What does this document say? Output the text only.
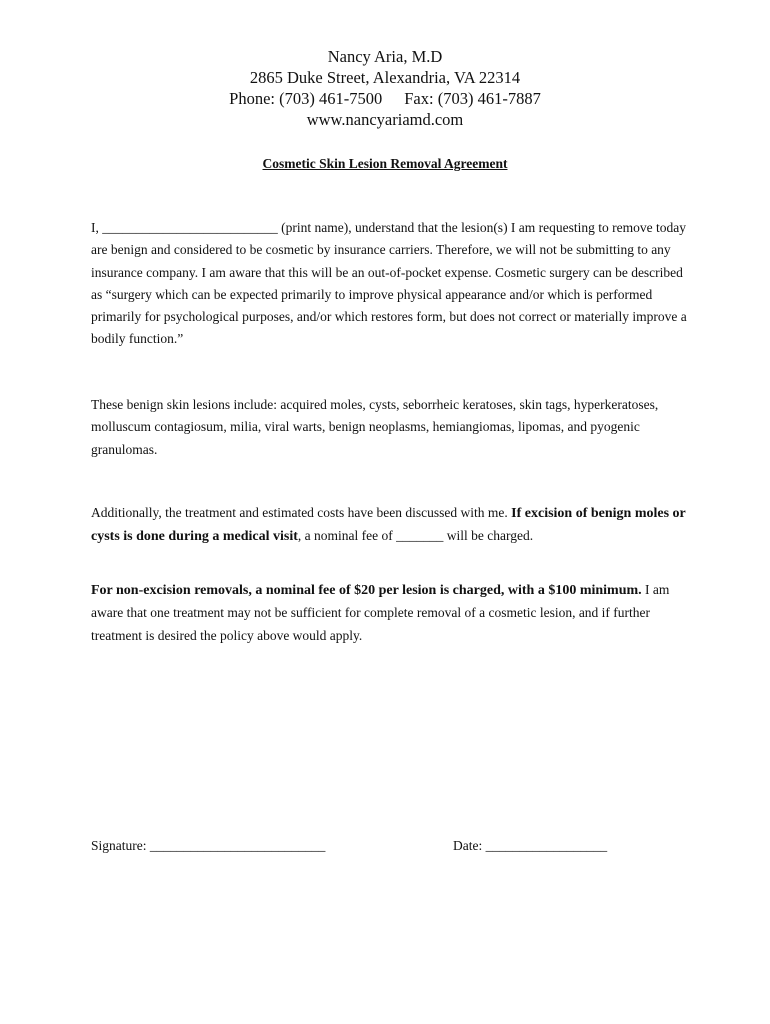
Nancy Aria, M.D
2865 Duke Street, Alexandria, VA 22314
Phone: (703) 461-7500 Fax: (703) 461-7887
www.nancyariamd.com
Cosmetic Skin Lesion Removal Agreement
I, __________________________ (print name), understand that the lesion(s) I am requesting to remove today are benign and considered to be cosmetic by insurance carriers. Therefore, we will not be submitting to any insurance company. I am aware that this will be an out-of-pocket expense. Cosmetic surgery can be described as “surgery which can be expected primarily to improve physical appearance and/or which is performed primarily for psychological purposes, and/or which restores form, but does not correct or materially improve a bodily function.”
These benign skin lesions include: acquired moles, cysts, seborrheic keratoses, skin tags, hyperkeratoses, molluscum contagiosum, milia, viral warts, benign neoplasms, hemiangiomas, lipomas, and pyogenic granulomas.
Additionally, the treatment and estimated costs have been discussed with me. If excision of benign moles or cysts is done during a medical visit, a nominal fee of _______ will be charged.
For non-excision removals, a nominal fee of $20 per lesion is charged, with a $100 minimum. I am aware that one treatment may not be sufficient for complete removal of a cosmetic lesion, and if further treatment is desired the policy above would apply.
Signature: __________________________	Date: __________________
